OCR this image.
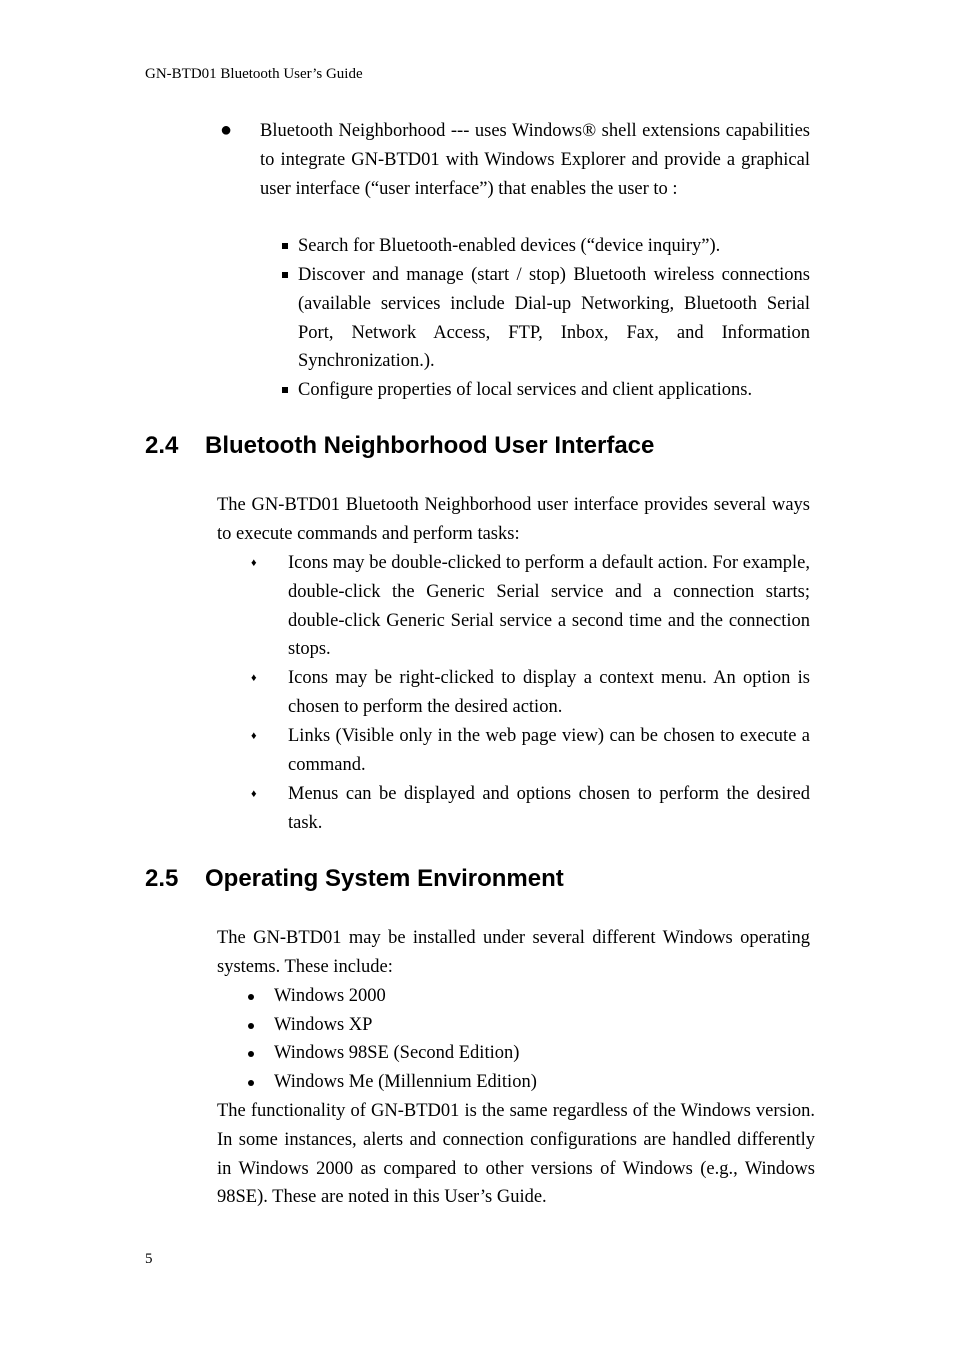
GN-BTD01 Bluetooth User’s Guide
● Bluetooth Neighborhood --- uses Windows® shell extensions capabilities to integrate GN-BTD01 with Windows Explorer and provide a graphical user interface (“user interface”) that enables the user to :

Search for Bluetooth-enabled devices (“device inquiry”).

Discover and manage (start / stop) Bluetooth wireless connections (available services include Dial-up Networking, Bluetooth Serial Port, Network Access, FTP, Inbox, Fax, and Information Synchronization.).

Configure properties of local services and client applications.

2.4 Bluetooth Neighborhood User Interface

The GN-BTD01 Bluetooth Neighborhood user interface provides several ways to execute commands and perform tasks:

♦ Icons may be double-clicked to perform a default action. For example, double-click the Generic Serial service and a connection starts; double-click Generic Serial service a second time and the connection stops.

♦ Icons may be right-clicked to display a context menu. An option is chosen to perform the desired action.

♦ Links (Visible only in the web page view) can be chosen to execute a command.

♦ Menus can be displayed and options chosen to perform the desired task.

2.5 Operating System Environment

The GN-BTD01 may be installed under several different Windows operating systems. These include:

Windows 2000
Windows XP
Windows 98SE (Second Edition)
Windows Me (Millennium Edition)

The functionality of GN-BTD01 is the same regardless of the Windows version. In some instances, alerts and connection configurations are handled differently in Windows 2000 as compared to other versions of Windows (e.g., Windows 98SE). These are noted in this User’s Guide.

5
